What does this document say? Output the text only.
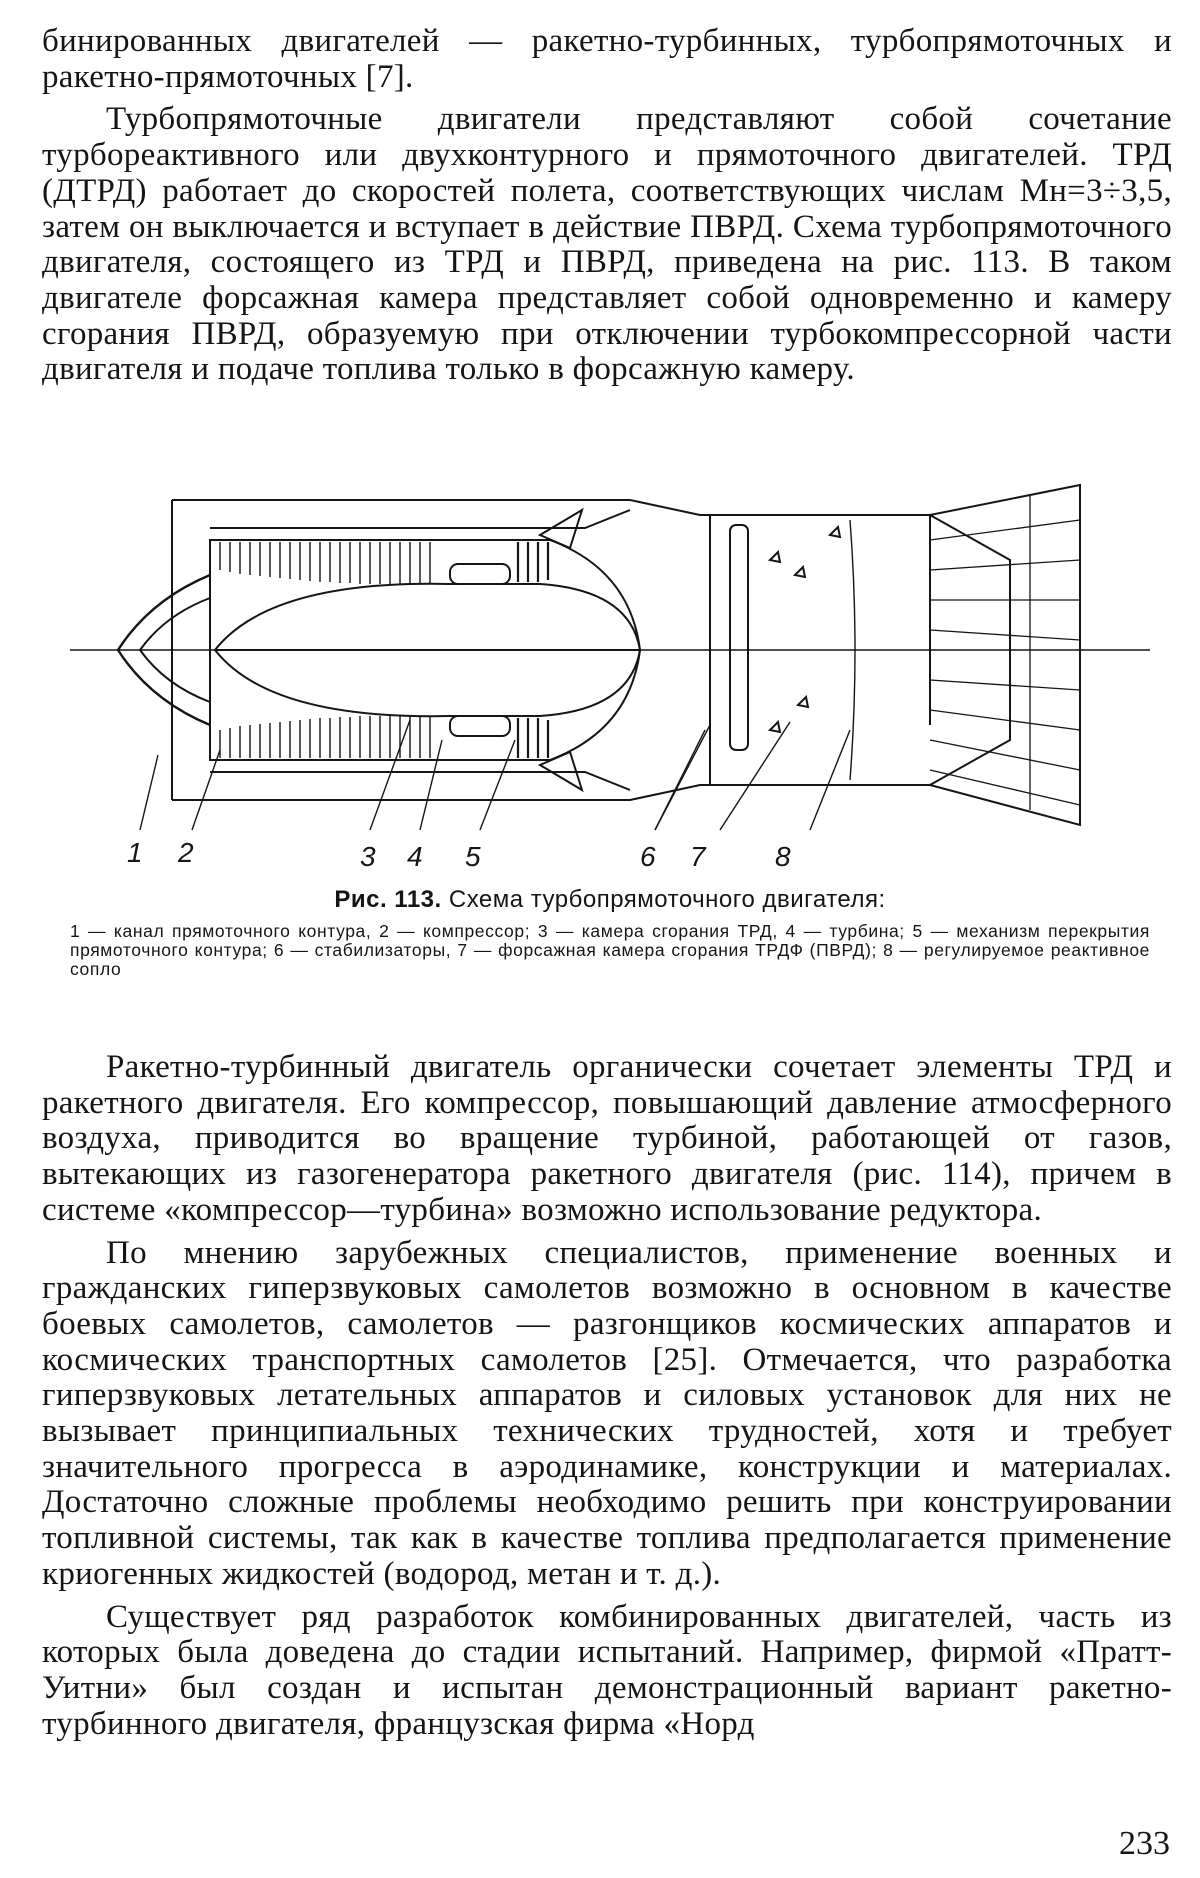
бинированных двигателей — ракетно-турбинных, турбопрямоточных и ракетно-прямоточных [7].

Турбопрямоточные двигатели представляют собой сочетание турбореактивного или двухконтурного и прямоточного двигателей. ТРД (ДТРД) работает до скоростей полета, соответствующих числам Mн=3÷3,5, затем он выключается и вступает в действие ПВРД. Схема турбопрямоточного двигателя, состоящего из ТРД и ПВРД, приведена на рис. 113. В таком двигателе форсажная камера представляет собой одновременно и камеру сгорания ПВРД, образуемую при отключении турбокомпрессорной части двигателя и подаче топлива только в форсажную камеру.

1 2	3 4 5	6 7 8
Рис. 113. Схема турбопрямоточного двигателя:
1 — канал прямоточного контура, 2 — компрессор; 3 — камера сгорания ТРД, 4 — турбина; 5 — механизм перекрытия прямоточного контура; 6 — стабилизаторы, 7 — форсажная камера сгорания ТРДФ (ПВРД); 8 — регулируемое реактивное сопло

Ракетно-турбинный двигатель органически сочетает элементы ТРД и ракетного двигателя. Его компрессор, повышающий давление атмосферного воздуха, приводится во вращение турбиной, работающей от газов, вытекающих из газогенератора ракетного двигателя (рис. 114), причем в системе «компрессор—турбина» возможно использование редуктора.

По мнению зарубежных специалистов, применение военных и гражданских гиперзвуковых самолетов возможно в основном в качестве боевых самолетов, самолетов — разгонщиков космических аппаратов и космических транспортных самолетов [25]. Отмечается, что разработка гиперзвуковых летательных аппаратов и силовых установок для них не вызывает принципиальных технических трудностей, хотя и требует значительного прогресса в аэродинамике, конструкции и материалах. Достаточно сложные проблемы необходимо решить при конструировании топливной системы, так как в качестве топлива предполагается применение криогенных жидкостей (водород, метан и т. д.).

Существует ряд разработок комбинированных двигателей, часть из которых была доведена до стадии испытаний. Например, фирмой «Пратт-Уитни» был создан и испытан демонстрационный вариант ракетно-турбинного двигателя, французская фирма «Норд

233
